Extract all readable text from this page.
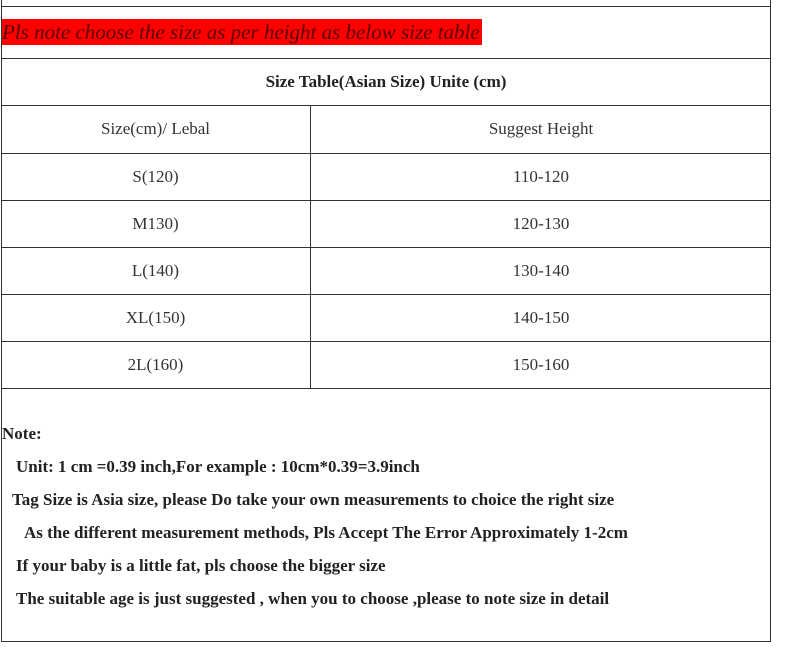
Pls note choose the size as per height as below size table
Size Table(Asian Size) Unite (cm)
Size(cm)/ Lebal	Suggest Height
S(120)	110-120
M130)	120-130
L(140)	130-140
XL(150)	140-150
2L(160)	150-160
Note:
Unit: 1 cm =0.39 inch,For example : 10cm*0.39=3.9inch
Tag Size is Asia size, please Do take your own measurements to choice the right size
As the different measurement methods, Pls Accept The Error Approximately 1-2cm
If your baby is a little fat, pls choose the bigger size
The suitable age is just suggested , when you to choose ,please to note size in detail
